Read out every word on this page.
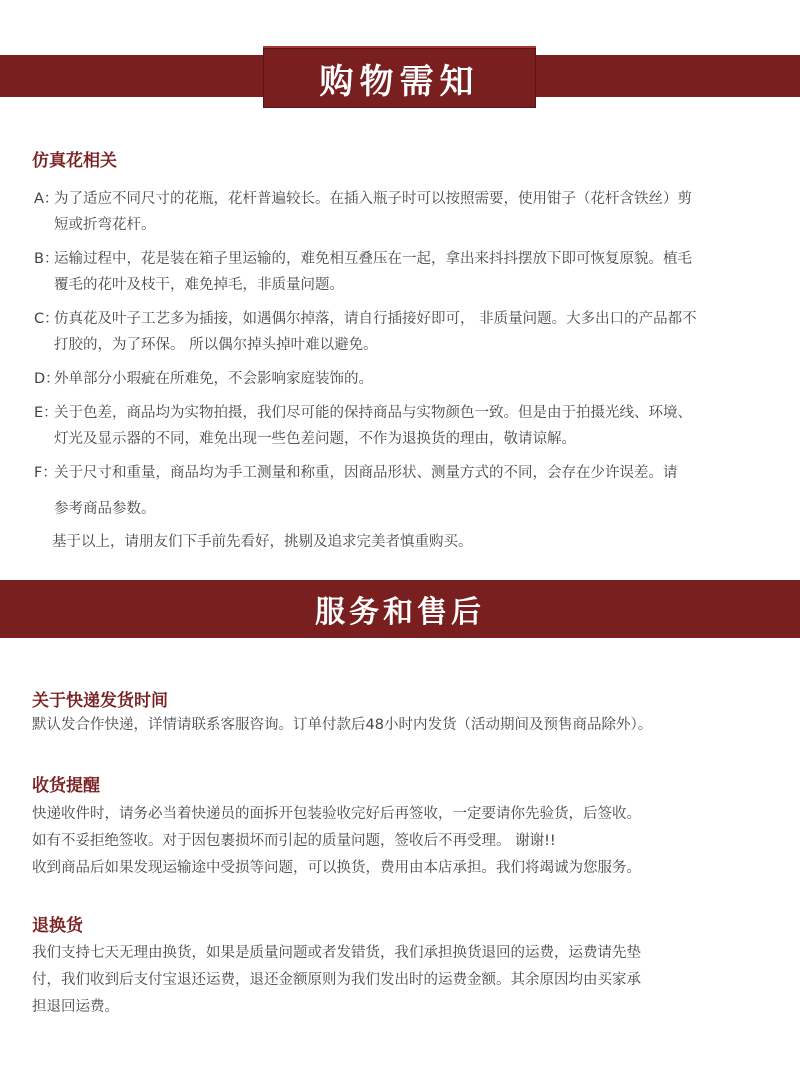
购物需知
仿真花相关
A：为了适应不同尺寸的花瓶，花杆普遍较长。在插入瓶子时可以按照需要，使用钳子（花杆含铁丝）剪
短或折弯花杆。
B：运输过程中，花是装在箱子里运输的，难免相互叠压在一起，拿出来抖抖摆放下即可恢复原貌。植毛
覆毛的花叶及枝干，难免掉毛，非质量问题。
C：仿真花及叶子工艺多为插接，如遇偶尔掉落，请自行插接好即可， 非质量问题。大多出口的产品都不
打胶的，为了环保。 所以偶尔掉头掉叶难以避免。
D：外单部分小瑕疵在所难免，不会影响家庭装饰的。
E：关于色差，商品均为实物拍摄，我们尽可能的保持商品与实物颜色一致。但是由于拍摄光线、环境、
灯光及显示器的不同，难免出现一些色差问题，不作为退换货的理由，敬请谅解。
F：关于尺寸和重量，商品均为手工测量和称重，因商品形状、测量方式的不同，会存在少许误差。请
参考商品参数。
基于以上，请朋友们下手前先看好，挑剔及追求完美者慎重购买。
服务和售后
关于快递发货时间
默认发合作快递，详情请联系客服咨询。订单付款后48小时内发货（活动期间及预售商品除外）。
收货提醒
快递收件时，请务必当着快递员的面拆开包装验收完好后再签收，一定要请你先验货，后签收。
如有不妥拒绝签收。对于因包裹损坏而引起的质量问题，签收后不再受理。 谢谢!!
收到商品后如果发现运输途中受损等问题，可以换货，费用由本店承担。我们将竭诚为您服务。
退换货
我们支持七天无理由换货，如果是质量问题或者发错货，我们承担换货退回的运费，运费请先垫
付，我们收到后支付宝退还运费，退还金额原则为我们发出时的运费金额。其余原因均由买家承
担退回运费。
